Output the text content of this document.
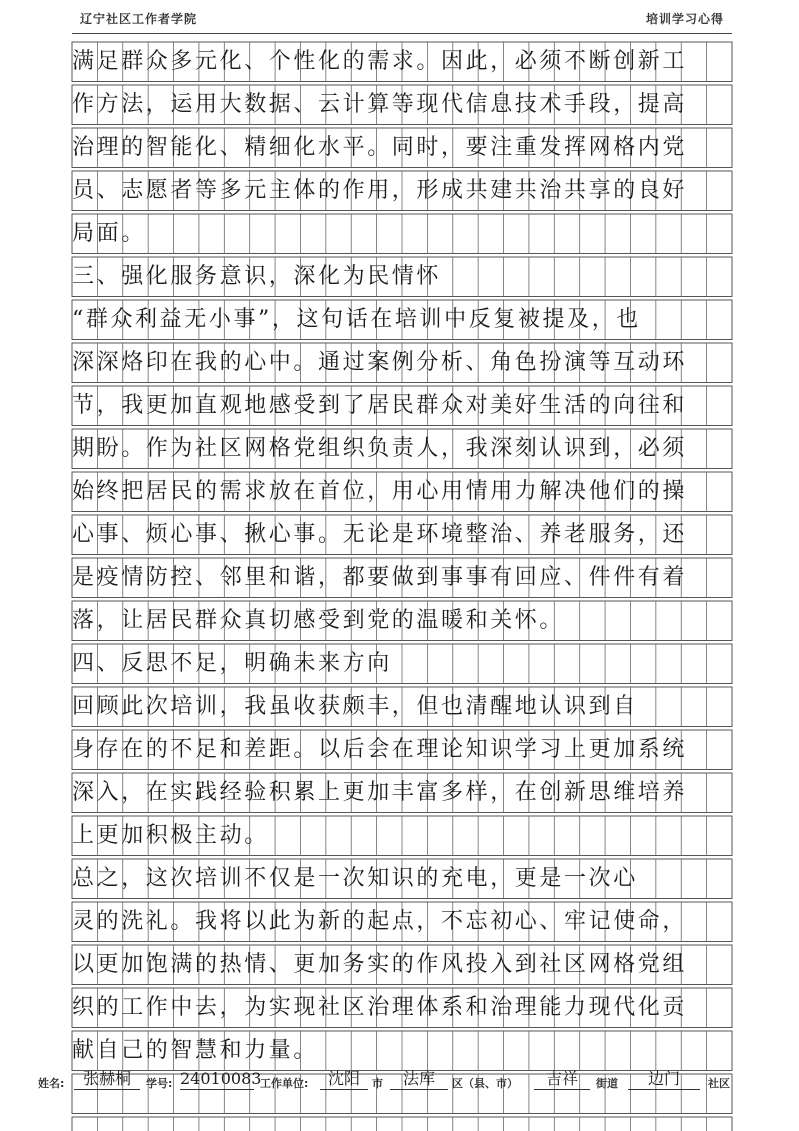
辽宁社区工作者学院	培训学习心得
满足群众多元化、个性化的需求。因此，必须不断创新工
作方法，运用大数据、云计算等现代信息技术手段，提高
治理的智能化、精细化水平。同时，要注重发挥网格内党
员、志愿者等多元主体的作用，形成共建共治共享的良好
局面。
三、强化服务意识，深化为民情怀
“群众利益无小事”，这句话在培训中反复被提及，也
深深烙印在我的心中。通过案例分析、角色扮演等互动环
节，我更加直观地感受到了居民群众对美好生活的向往和
期盼。作为社区网格党组织负责人，我深刻认识到，必须
始终把居民的需求放在首位，用心用情用力解决他们的操
心事、烦心事、揪心事。无论是环境整治、养老服务，还
是疫情防控、邻里和谐，都要做到事事有回应、件件有着
落，让居民群众真切感受到党的温暖和关怀。
四、反思不足，明确未来方向
回顾此次培训，我虽收获颇丰，但也清醒地认识到自
身存在的不足和差距。以后会在理论知识学习上更加系统
深入，在实践经验积累上更加丰富多样，在创新思维培养
上更加积极主动。
总之，这次培训不仅是一次知识的充电，更是一次心
灵的洗礼。我将以此为新的起点，不忘初心、牢记使命，
以更加饱满的热情、更加务实的作风投入到社区网格党组
织的工作中去，为实现社区治理体系和治理能力现代化贡
献自己的智慧和力量。
姓名:	张赫桐	学号: 24010083
工作单位:	沈阳	市	法库	区（县、市）	吉祥	街道	边门	社区
